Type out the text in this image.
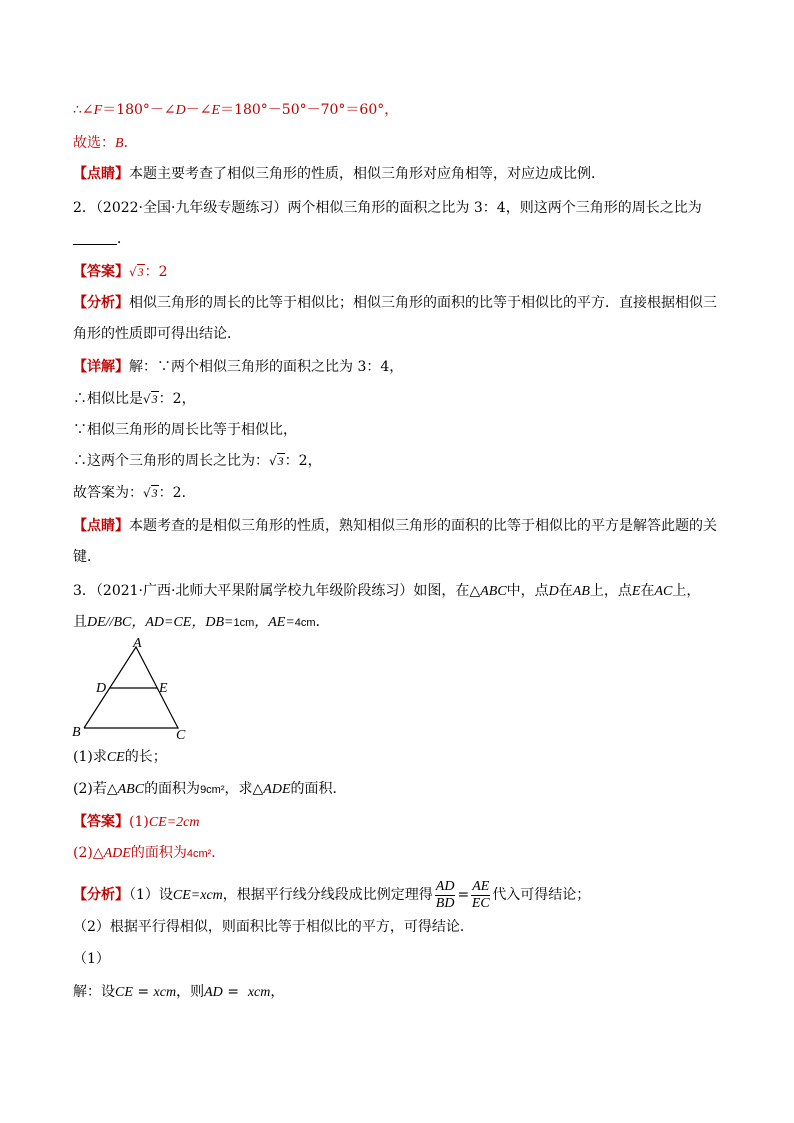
∴∠F＝180°－∠D－∠E＝180°－50°－70°＝60°，
故选：B．
【点睛】本题主要考查了相似三角形的性质，相似三角形对应角相等，对应边成比例．
2．（2022·全国·九年级专题练习）两个相似三角形的面积之比为 3：4，则这两个三角形的周长之比为
．
【答案】√3：2
【分析】相似三角形的周长的比等于相似比；相似三角形的面积的比等于相似比的平方．直接根据相似三
角形的性质即可得出结论．
【详解】解：∵两个相似三角形的面积之比为 3：4，
∴相似比是√3：2，
∵相似三角形的周长比等于相似比，
∴这两个三角形的周长之比为：√3：2，
故答案为：√3：2．
【点睛】本题考查的是相似三角形的性质，熟知相似三角形的面积的比等于相似比的平方是解答此题的关
键．
3．（2021·广西·北师大平果附属学校九年级阶段练习）如图，在△ABC中，点D在AB上，点E在AC上，
且DE//BC，AD=CE，DB=1cm，AE=4cm．
A
D	E
B	C
(1)求CE的长；
(2)若△ABC的面积为9cm²，求△ADE的面积．
【答案】(1)CE=2cm
(2)△ADE的面积为4cm²．
【分析】（1）设CE=xcm，根据平行线分线段成比例定理得 $\frac{AD}{BD} = \frac{AE}{EC}$ 代入可得结论；
（2）根据平行得相似，则面积比等于相似比的平方，可得结论．
（1）
解：设CE = xcm，则AD =  xcm，
